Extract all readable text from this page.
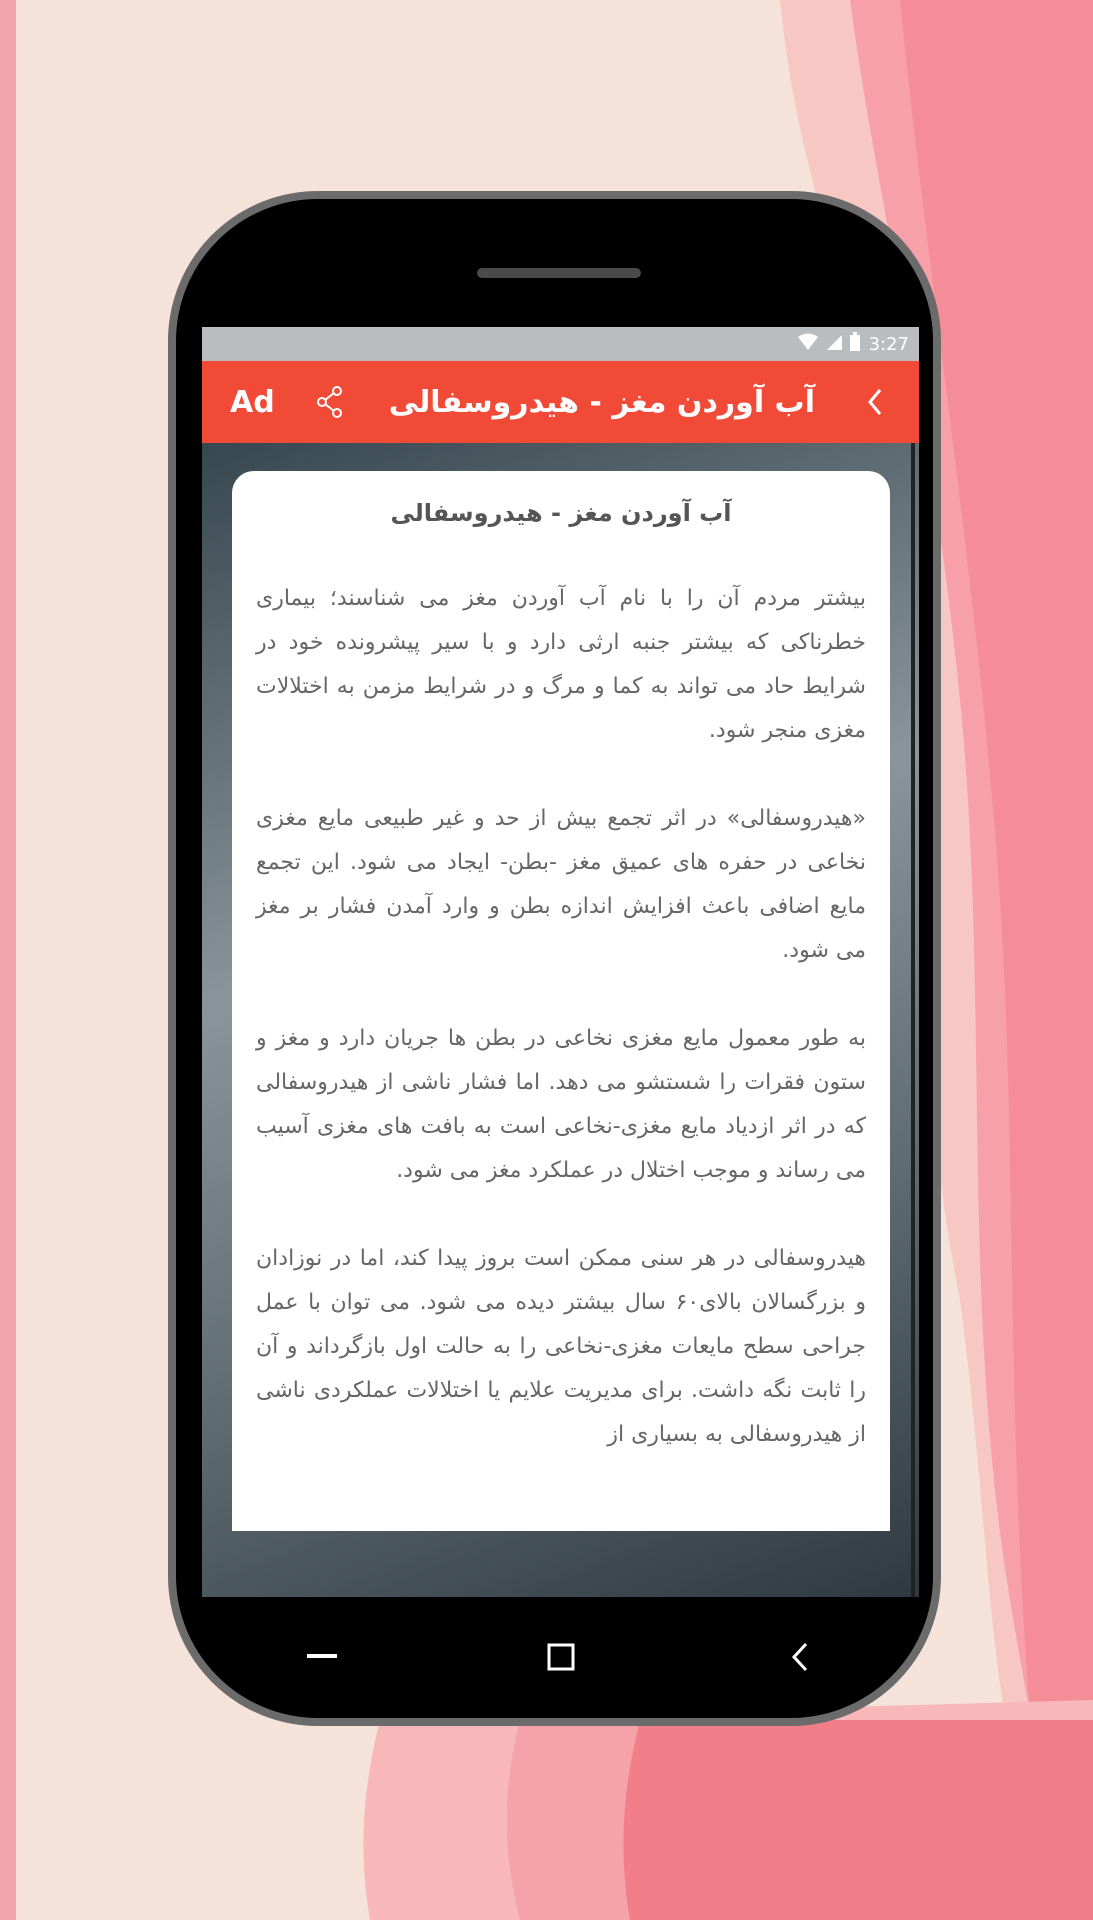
3:27
Ad	آب آوردن مغز - هیدروسفالی
آب آوردن مغز - هیدروسفالی

بیشتر مردم آن را با نام آب آوردن مغز می شناسند؛ بیماری خطرناکی که بیشتر جنبه ارثی دارد و با سیر پیشرونده خود در شرایط حاد می تواند به کما و مرگ و در شرایط مزمن به اختلالات مغزی منجر شود.

«هیدروسفالی» در اثر تجمع بیش از حد و غیر طبیعی مایع مغزی نخاعی در حفره های عمیق مغز -بطن- ایجاد می شود. این تجمع مایع اضافی باعث افزایش اندازه بطن و وارد آمدن فشار بر مغز می شود.

به طور معمول مایع مغزی نخاعی در بطن ها جریان دارد و مغز و ستون فقرات را شستشو می دهد. اما فشار ناشی از هیدروسفالی که در اثر ازدیاد مایع مغزی-نخاعی است به بافت های مغزی آسیب می رساند و موجب اختلال در عملکرد مغز می شود.

هیدروسفالی در هر سنی ممکن است بروز پیدا کند، اما در نوزادان و بزرگسالان بالای۶۰ سال بیشتر دیده می شود. می توان با عمل جراحی سطح مایعات مغزی-نخاعی را به حالت اول بازگرداند و آن را ثابت نگه داشت. برای مدیریت علایم یا اختلالات عملکردی ناشی از هیدروسفالی به بسیاری از
